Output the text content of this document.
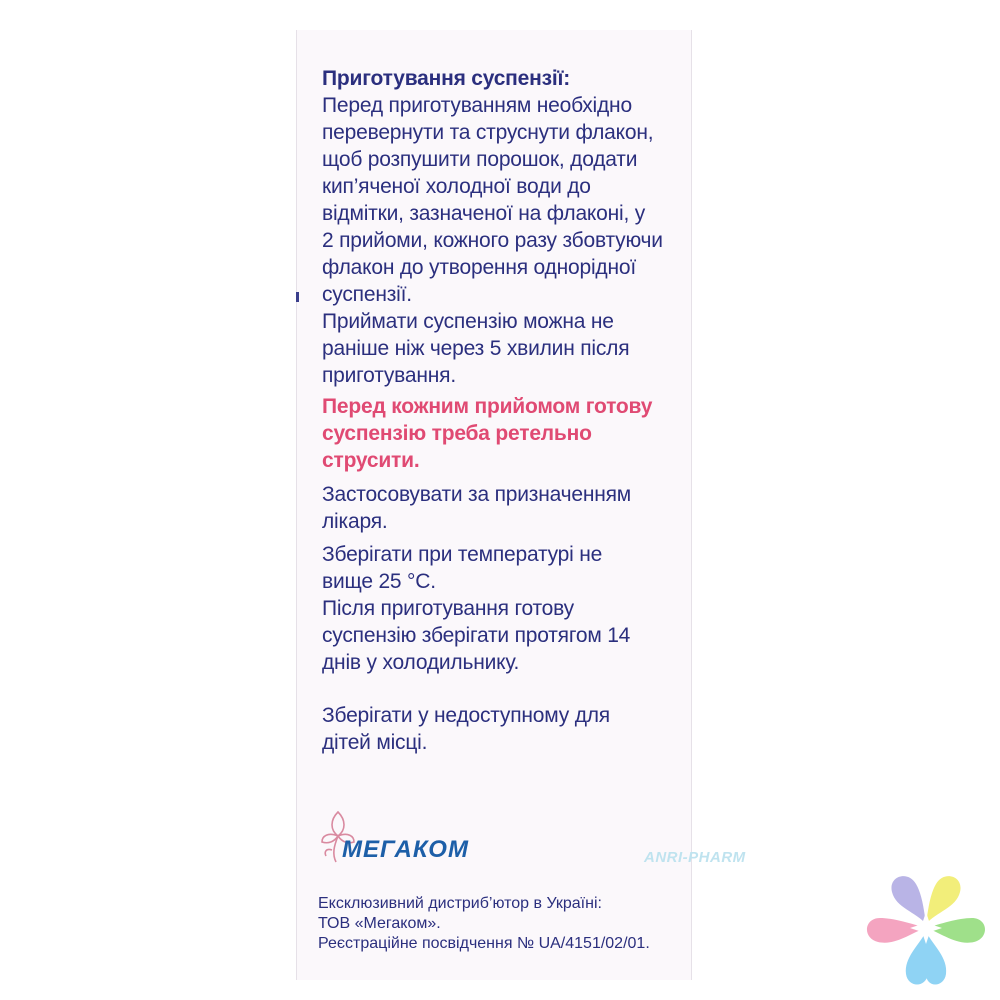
Приготування суспензії:
Перед приготуванням необхідно
перевернути та струснути флакон,
щоб розпушити порошок, додати
кип’яченої холодної води до
відмітки, зазначеної на флаконі, у
2 прийоми, кожного разу збовтуючи
флакон до утворення однорідної
суспензії.
Приймати суспензію можна не
раніше ніж через 5 хвилин після
приготування.
Перед кожним прийомом готову
суспензію треба ретельно
струсити.
Застосовувати за призначенням
лікаря.
Зберігати при температурі не
вище 25 °С.
Після приготування готову
суспензію зберігати протягом 14
днів у холодильнику.
Зберігати у недоступному для
дітей місці.
МЕГАКОМ	ANRI-PHARM
Ексклюзивний дистриб’ютор в Україні:
ТОВ «Мегаком».
Реєстраційне посвідчення № UA/4151/02/01.
